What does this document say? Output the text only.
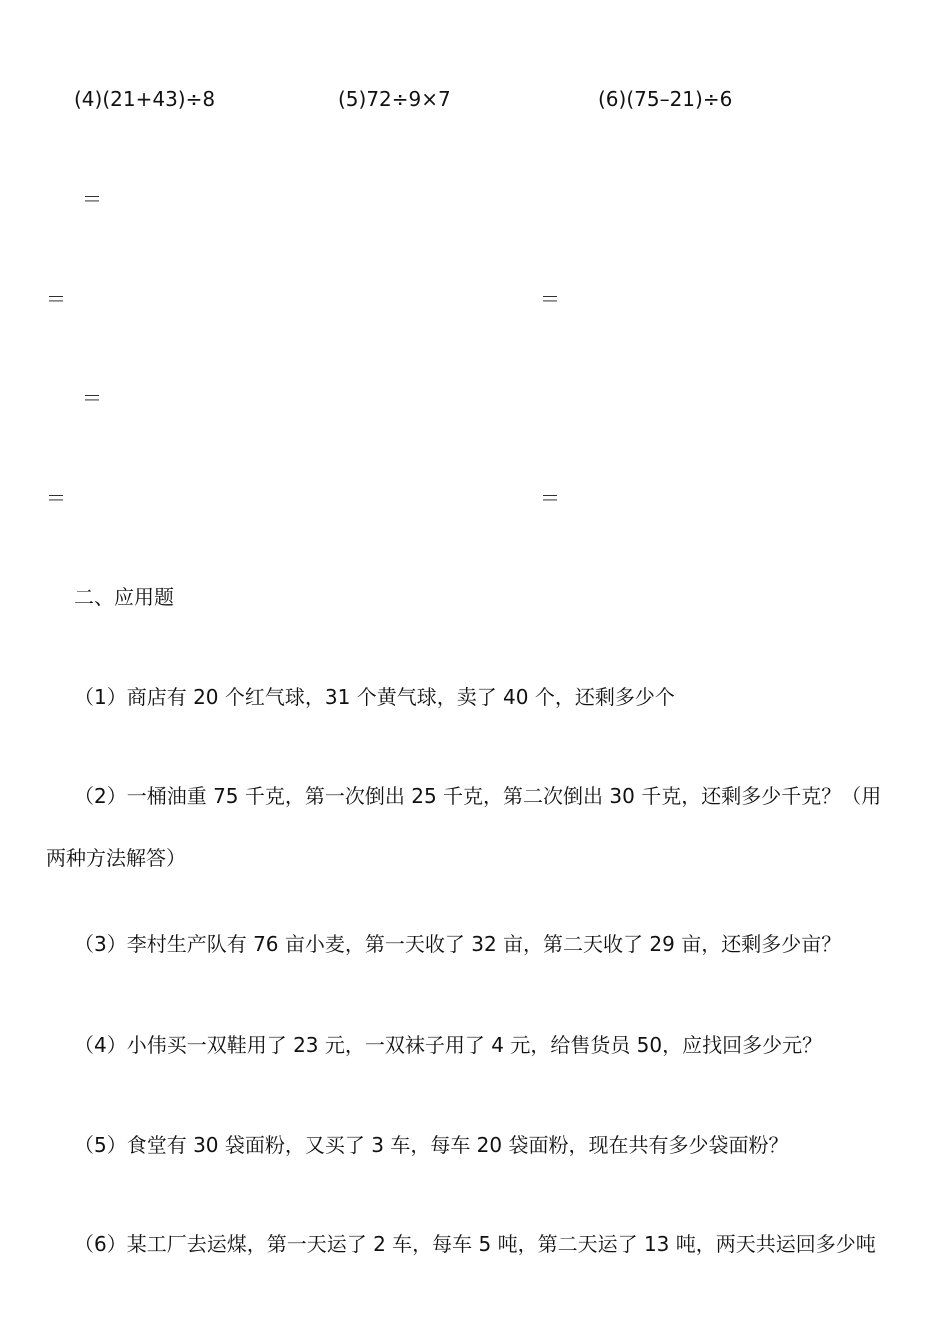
(4)(21+43)÷8	(5)72÷9×7	(6)(75–21)÷6
＝
＝	＝
＝
＝	＝
二、应用题
（1）商店有 20 个红气球，31 个黄气球，卖了 40 个，还剩多少个
（2）一桶油重 75 千克，第一次倒出 25 千克，第二次倒出 30 千克，还剩多少千克？（用
两种方法解答）
（3）李村生产队有 76 亩小麦，第一天收了 32 亩，第二天收了 29 亩，还剩多少亩？
（4）小伟买一双鞋用了 23 元，一双袜子用了 4 元，给售货员 50，应找回多少元？
（5）食堂有 30 袋面粉，又买了 3 车，每车 20 袋面粉，现在共有多少袋面粉？
（6）某工厂去运煤，第一天运了 2 车，每车 5 吨，第二天运了 13 吨，两天共运回多少吨
